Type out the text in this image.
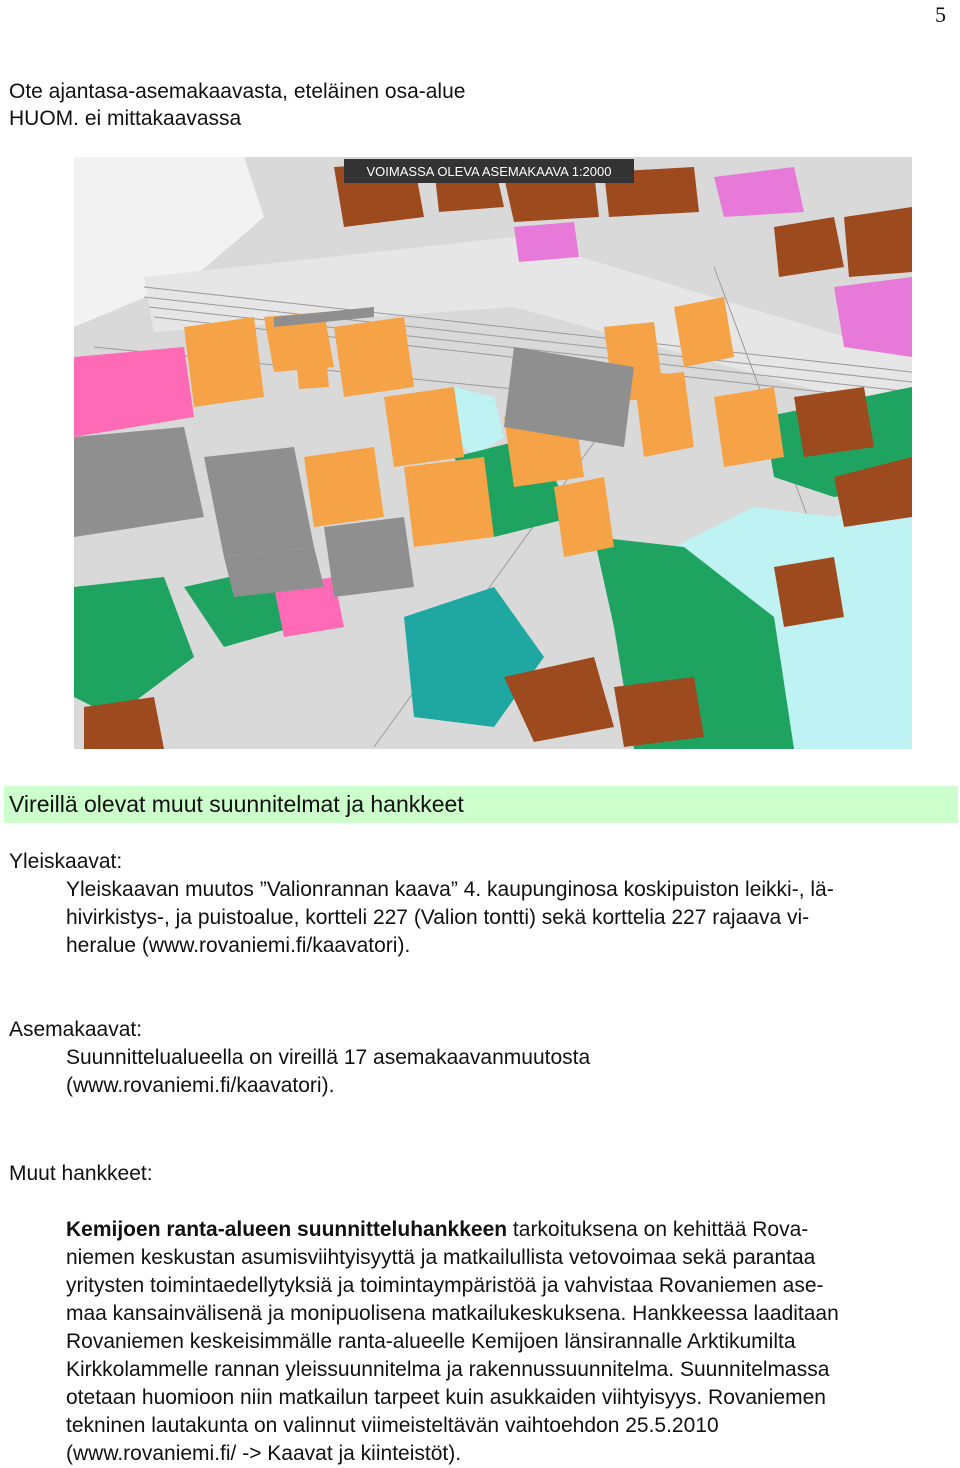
5
Ote ajantasa-asemakaavasta, eteläinen osa-alue
HUOM. ei mittakaavassa
VOIMASSA OLEVA ASEMAKAAVA 1:2000
Vireillä olevat muut suunnitelmat ja hankkeet
Yleiskaavat:
Yleiskaavan muutos ”Valionrannan kaava” 4. kaupunginosa koskipuiston leikki-, lä-
hivirkistys-, ja puistoalue, kortteli 227 (Valion tontti) sekä korttelia 227 rajaava vi-
heralue (www.rovaniemi.fi/kaavatori).
Asemakaavat:
Suunnittelualueella on vireillä 17 asemakaavanmuutosta
(www.rovaniemi.fi/kaavatori).
Muut hankkeet:
Kemijoen ranta-alueen suunnitteluhankkeen tarkoituksena on kehittää Rova-
niemen keskustan asumisviihtyisyyttä ja matkailullista vetovoimaa sekä parantaa
yritysten toimintaedellytyksiä ja toimintaympäristöä ja vahvistaa Rovaniemen ase-
maa kansainvälisenä ja monipuolisena matkailukeskuksena. Hankkeessa laaditaan
Rovaniemen keskeisimmälle ranta-alueelle Kemijoen länsirannalle Arktikumilta
Kirkkolammelle rannan yleissuunnitelma ja rakennussuunnitelma. Suunnitelmassa
otetaan huomioon niin matkailun tarpeet kuin asukkaiden viihtyisyys. Rovaniemen
tekninen lautakunta on valinnut viimeisteltävän vaihtoehdon 25.5.2010
(www.rovaniemi.fi/ -> Kaavat ja kiinteistöt).
